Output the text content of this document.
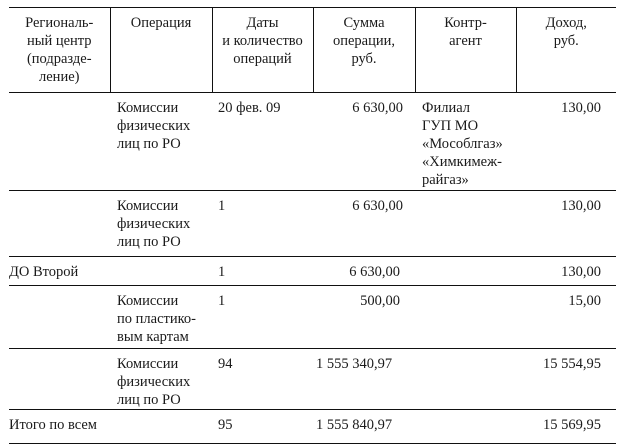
Региональ-
ный центр
(подразде-
ление)	Операция	Даты
и количество
операций	Сумма
операции,
руб.	Контр-
агент	Доход,
руб.

	Комиссии
физических
лиц по РО	20 фев. 09	6 630,00	Филиал
ГУП МО
«Мособлгаз»
«Химкимеж-
райгаз»	130,00

	Комиссии
физических
лиц по РО	1	6 630,00		130,00
ДО Второй		1	6 630,00		130,00

	Комиссии
по пластико-
вым картам	1	500,00		15,00

	Комиссии
физических
лиц по РО	94	1 555 340,97		15 554,95
Итого по всем		95	1 555 840,97		15 569,95
